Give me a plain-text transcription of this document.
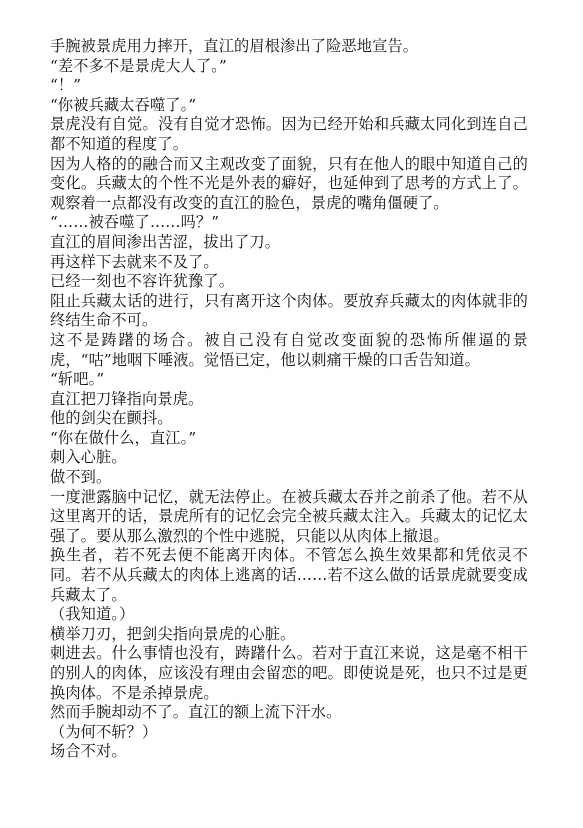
手腕被景虎用力摔开，直江的眉根渗出了险恶地宣告。

“差不多不是景虎大人了。”

“！”

“你被兵藏太吞噬了。”

景虎没有自觉。没有自觉才恐怖。因为已经开始和兵藏太同化到连自己都不知道的程度了。

因为人格的的融合而又主观改变了面貌，只有在他人的眼中知道自己的变化。兵藏太的个性不光是外表的癖好，也延伸到了思考的方式上了。观察着一点都没有改变的直江的脸色，景虎的嘴角僵硬了。

“……被吞噬了……吗？”

直江的眉间渗出苦涩，拔出了刀。

再这样下去就来不及了。

已经一刻也不容许犹豫了。

阻止兵藏太话的进行，只有离开这个肉体。要放弃兵藏太的肉体就非的终结生命不可。

这不是踌躇的场合。被自己没有自觉改变面貌的恐怖所催逼的景虎，“咕”地咽下唾液。觉悟已定，他以刺痛干燥的口舌告知道。

“斩吧。”

直江把刀锋指向景虎。

他的剑尖在颤抖。

“你在做什么，直江。”

刺入心脏。

做不到。

一度泄露脑中记忆，就无法停止。在被兵藏太吞并之前杀了他。若不从这里离开的话，景虎所有的记忆会完全被兵藏太注入。兵藏太的记忆太强了。要从那么激烈的个性中逃脱，只能以从肉体上撤退。

换生者，若不死去便不能离开肉体。不管怎么换生效果都和凭依灵不同。若不从兵藏太的肉体上逃离的话……若不这么做的话景虎就要变成兵藏太了。

（我知道。）

横举刀刃，把剑尖指向景虎的心脏。

刺进去。什么事情也没有，踌躇什么。若对于直江来说，这是毫不相干的别人的肉体，应该没有理由会留恋的吧。即使说是死，也只不过是更换肉体。不是杀掉景虎。

然而手腕却动不了。直江的额上流下汗水。

（为何不斩？）

场合不对。
